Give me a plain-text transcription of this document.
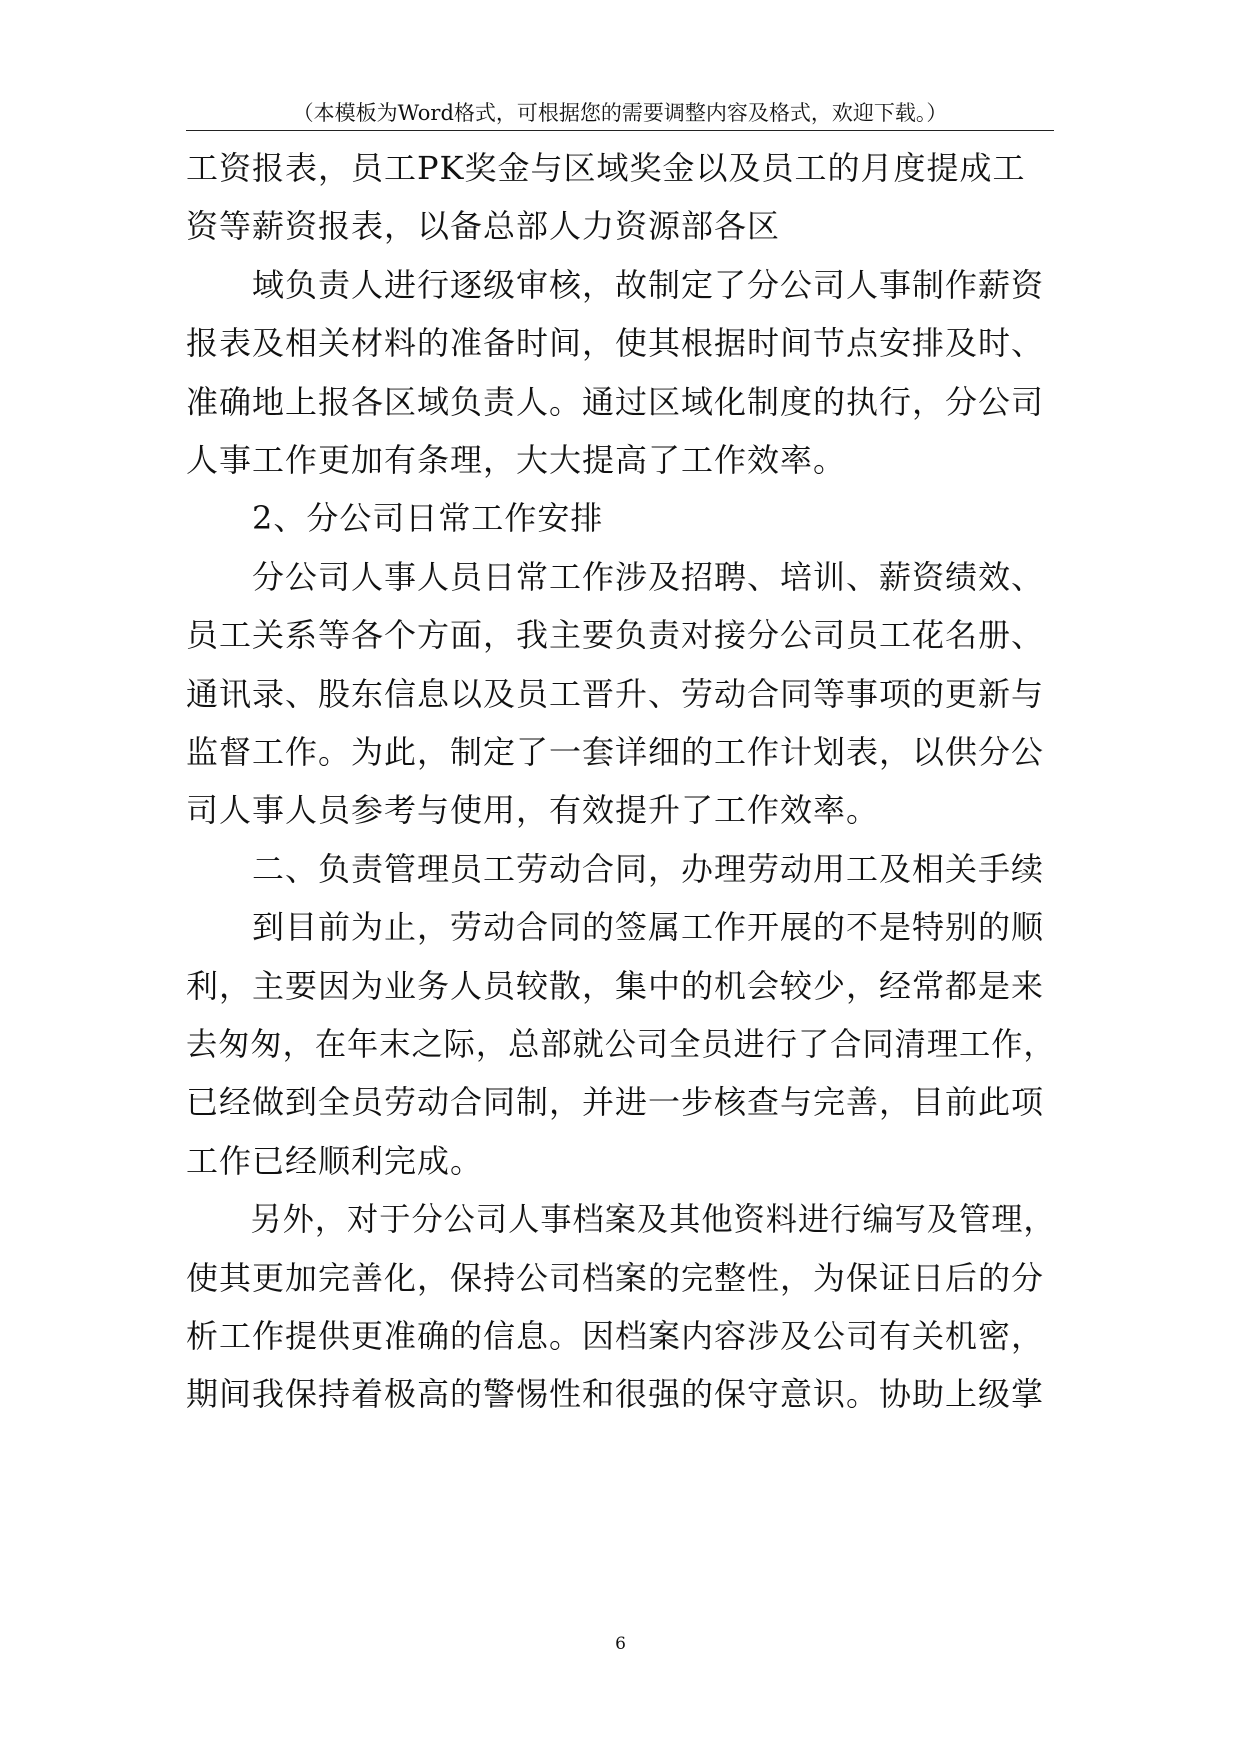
（本模板为Word格式，可根据您的需要调整内容及格式，欢迎下载。）
工资报表，员工PK奖金与区域奖金以及员工的月度提成工
资等薪资报表，以备总部人力资源部各区
　　域负责人进行逐级审核，故制定了分公司人事制作薪资
报表及相关材料的准备时间，使其根据时间节点安排及时、
准确地上报各区域负责人。通过区域化制度的执行，分公司
人事工作更加有条理，大大提高了工作效率。
　　2、分公司日常工作安排
　　分公司人事人员日常工作涉及招聘、培训、薪资绩效、
员工关系等各个方面，我主要负责对接分公司员工花名册、
通讯录、股东信息以及员工晋升、劳动合同等事项的更新与
监督工作。为此，制定了一套详细的工作计划表，以供分公
司人事人员参考与使用，有效提升了工作效率。
　　二、负责管理员工劳动合同，办理劳动用工及相关手续
　　到目前为止，劳动合同的签属工作开展的不是特别的顺
利，主要因为业务人员较散，集中的机会较少，经常都是来
去匆匆，在年末之际，总部就公司全员进行了合同清理工作，
已经做到全员劳动合同制，并进一步核查与完善，目前此项
工作已经顺利完成。
　　另外，对于分公司人事档案及其他资料进行编写及管理，
使其更加完善化，保持公司档案的完整性，为保证日后的分
析工作提供更准确的信息。因档案内容涉及公司有关机密，
期间我保持着极高的警惕性和很强的保守意识。协助上级掌
6
